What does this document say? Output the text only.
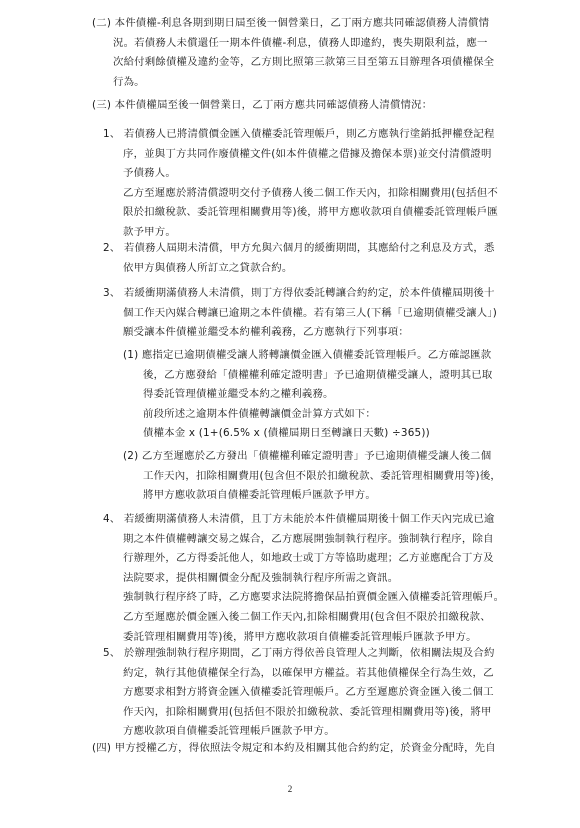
(二) 本件債權-利息各期到期日屆至後一個營業日，乙丁兩方應共同確認債務人清償情
況。若債務人未償還任一期本件債權-利息，債務人即違約，喪失期限利益，應一
次給付剩餘債權及違約金等，乙方則比照第三款第三目至第五目辦理各項債權保全
行為。
(三) 本件債權屆至後一個營業日，乙丁兩方應共同確認債務人清償情況：
1、 若債務人已將清償價金匯入債權委託管理帳戶，則乙方應執行塗銷抵押權登記程
序，並與丁方共同作廢債權文件(如本件債權之借據及擔保本票)並交付清償證明
予債務人。
乙方至遲應於將清償證明交付予債務人後二個工作天內，扣除相關費用(包括但不
限於扣繳稅款、委託管理相關費用等)後，將甲方應收款項自債權委託管理帳戶匯
款予甲方。
2、 若債務人屆期未清償，甲方允與六個月的緩衝期間，其應給付之利息及方式，悉
依甲方與債務人所訂立之貸款合約。
3、 若緩衝期滿債務人未清償，則丁方得依委託轉讓合約約定，於本件債權屆期後十
個工作天內媒合轉讓已逾期之本件債權。若有第三人(下稱「已逾期債權受讓人」)
願受讓本件債權並繼受本約權利義務，乙方應執行下列事項：
(1) 應指定已逾期債權受讓人將轉讓價金匯入債權委託管理帳戶。乙方確認匯款
後，乙方應發給「債權權利確定證明書」予已逾期債權受讓人，證明其已取
得委託管理債權並繼受本約之權利義務。
前段所述之逾期本件債權轉讓價金計算方式如下：
債權本金 x (1+(6.5% x (債權屆期日至轉讓日天數) ÷365))
(2) 乙方至遲應於乙方發出「債權權利確定證明書」予已逾期債權受讓人後二個
工作天內，扣除相關費用(包含但不限於扣繳稅款、委託管理相關費用等)後，
將甲方應收款項自債權委託管理帳戶匯款予甲方。
4、 若緩衝期滿債務人未清償，且丁方未能於本件債權屆期後十個工作天內完成已逾
期之本件債權轉讓交易之媒合，乙方應展開強制執行程序。強制執行程序，除自
行辦理外，乙方得委託他人，如地政士或丁方等協助處理；乙方並應配合丁方及
法院要求，提供相關價金分配及強制執行程序所需之資訊。
強制執行程序終了時，乙方應要求法院將擔保品拍賣價金匯入債權委託管理帳戶。
乙方至遲應於價金匯入後二個工作天內,扣除相關費用(包含但不限於扣繳稅款、
委託管理相關費用等)後，將甲方應收款項自債權委託管理帳戶匯款予甲方。
5、 於辦理強制執行程序期間，乙丁兩方得依善良管理人之判斷，依相關法規及合約
約定，執行其他債權保全行為，以確保甲方權益。若其他債權保全行為生效，乙
方應要求相對方將資金匯入債權委託管理帳戶。乙方至遲應於資金匯入後二個工
作天內，扣除相關費用(包括但不限於扣繳稅款、委託管理相關費用等)後，將甲
方應收款項自債權委託管理帳戶匯款予甲方。
(四) 甲方授權乙方，得依照法令規定和本約及相關其他合約約定，於資金分配時，先自
2
